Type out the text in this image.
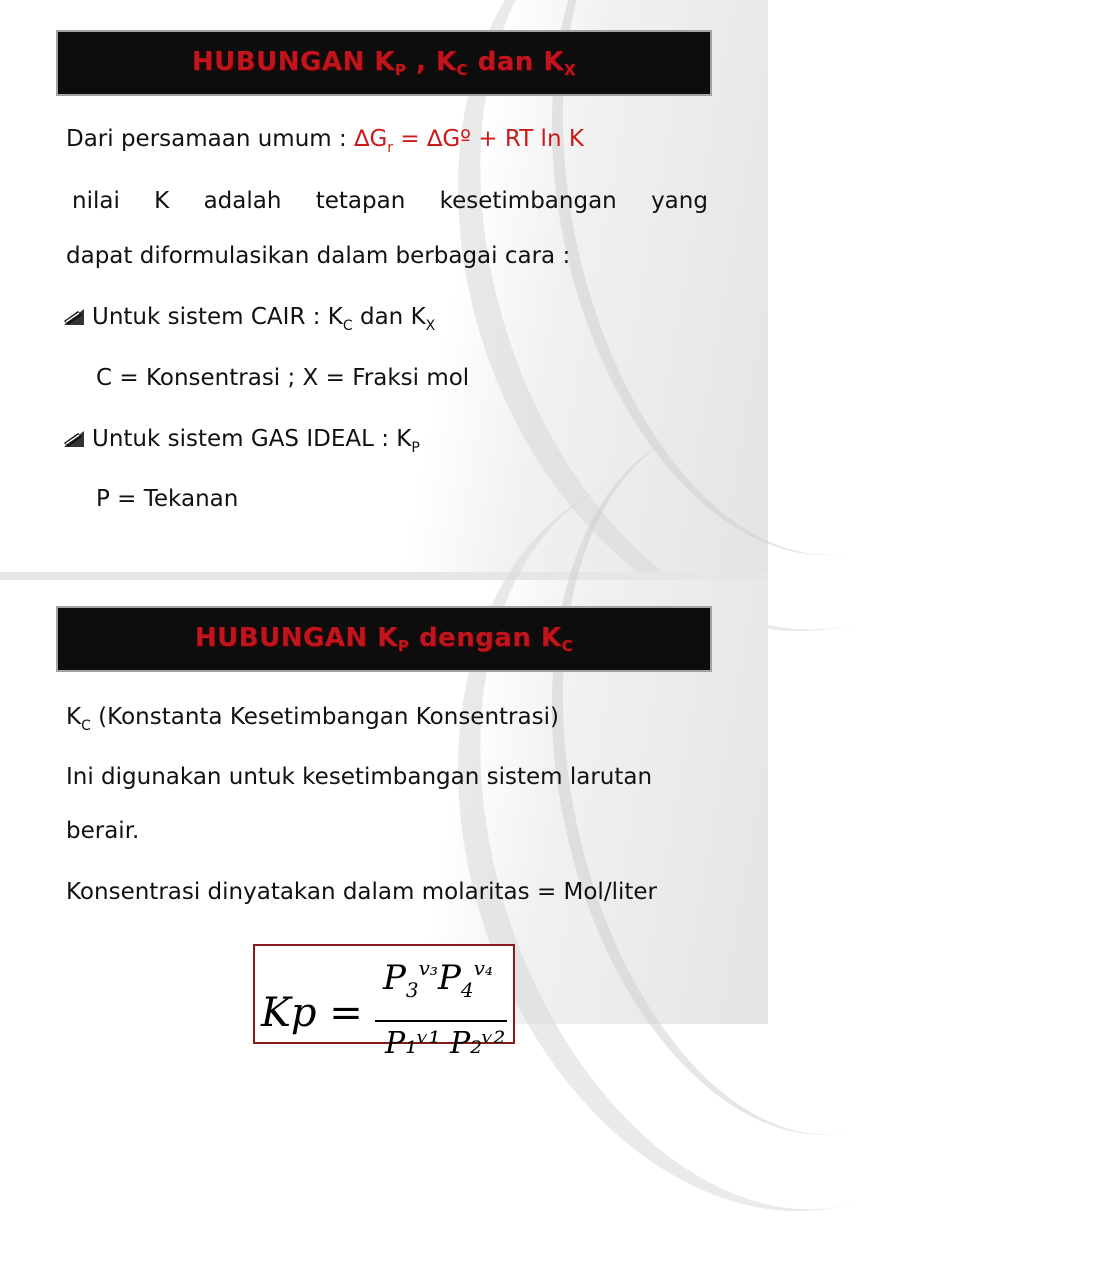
HUBUNGAN $K_P$ , $K_C$ dan $K_X$
Dari persamaan umum : $\Delta G_r$ = ∆Gº + RT ln K
nilai K adalah tetapan kesetimbangan yang
dapat diformulasikan dalam berbagai cara :
Untuk sistem CAIR : $K_C$ dan $K_X$
C = Konsentrasi ; X = Fraksi mol
Untuk sistem GAS IDEAL : $K_P$
P = Tekanan
HUBUNGAN $K_P$ dengan $K_C$
$K_C$ (Konstanta Kesetimbangan Konsentrasi)
Ini digunakan untuk kesetimbangan sistem larutan
berair.
Konsentrasi dinyatakan dalam molaritas = Mol/liter
Kp =
$P_3^{v_3}P_4^{v_4}$
P₁ᵛ¹ P₂ᵛ²
